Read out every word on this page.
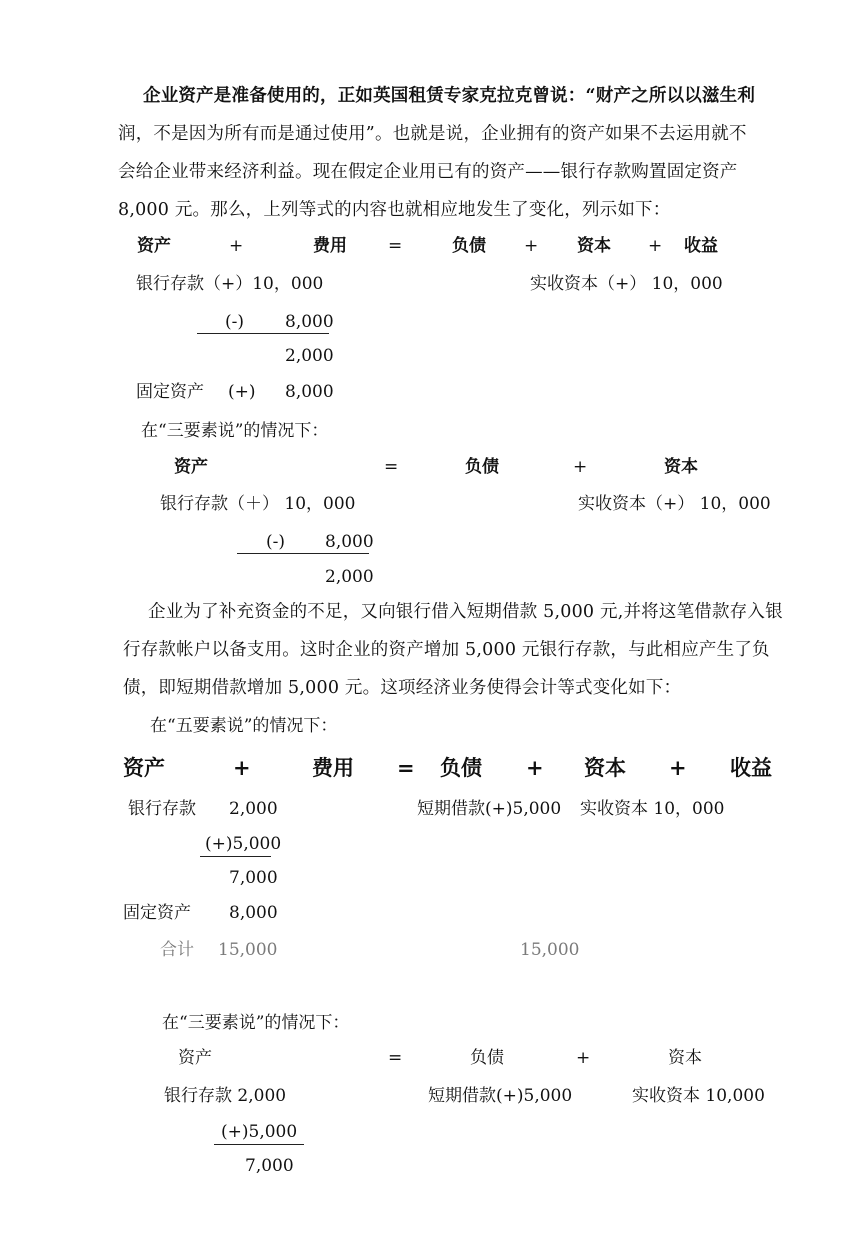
企业资产是准备使用的，正如英国租赁专家克拉克曾说：“财产之所以以滋生利
润，不是因为所有而是通过使用”。也就是说，企业拥有的资产如果不去运用就不
会给企业带来经济利益。现在假定企业用已有的资产——银行存款购置固定资产
8,000 元。那么，上列等式的内容也就相应地发生了变化，列示如下：
资产	+	费用 =	负债 + 资本 + 收益
银行存款（+）10，000	实收资本（+） 10，000
(-) 8,000
2,000
固定资产 (+) 8,000
在“三要素说”的情况下：
资产	=	负债	+	资本
银行存款（＋） 10，000	实收资本（+） 10，000
(-) 8,000
2,000
企业为了补充资金的不足，又向银行借入短期借款 5,000 元,并将这笔借款存入银
行存款帐户以备支用。这时企业的资产增加 5,000 元银行存款，与此相应产生了负
债，即短期借款增加 5,000 元。这项经济业务使得会计等式变化如下：
在“五要素说”的情况下：
资产	+	费用 = 负债 + 资本 + 收益
银行存款 2,000	短期借款(+)5,000 实收资本 10，000
(+)5,000
7,000
固定资产 8,000
合计 15,000	15,000
在“三要素说”的情况下：
资产	=	负债	+	资本
银行存款 2,000	短期借款(+)5,000	实收资本 10,000
(+)5,000
7,000
